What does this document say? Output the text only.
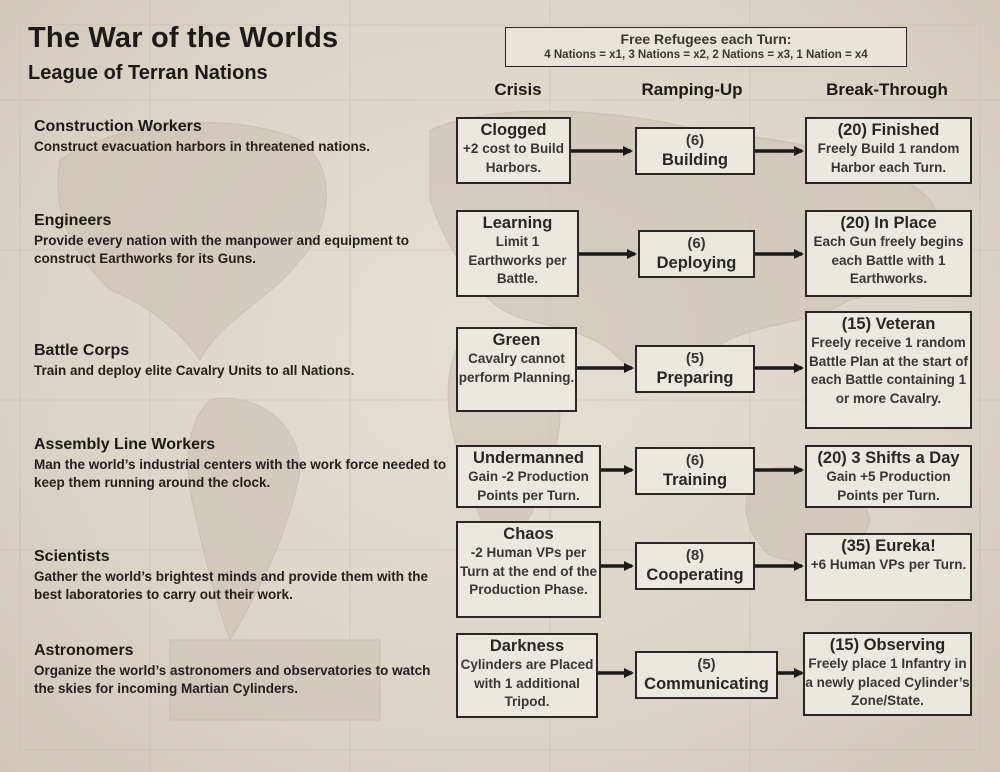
The War of the Worlds
League of Terran Nations
Free Refugees each Turn:
4 Nations = x1, 3 Nations = x2, 2 Nations = x3, 1 Nation = x4
Crisis	Ramping-Up	Break-Through
Construction Workers
Construct evacuation harbors in threatened nations.
Clogged
+2 cost to Build Harbors.
(6)
Building
(20) Finished
Freely Build 1 random Harbor each Turn.
Engineers
Provide every nation with the manpower and equipment to construct Earthworks for its Guns.
Learning
Limit 1 Earthworks per Battle.
(6)
Deploying
(20) In Place
Each Gun freely begins each Battle with 1 Earthworks.
Battle Corps
Train and deploy elite Cavalry Units to all Nations.
Green
Cavalry cannot perform Planning.
(5)
Preparing
(15) Veteran
Freely receive 1 random Battle Plan at the start of each Battle containing 1 or more Cavalry.
Assembly Line Workers
Man the world’s industrial centers with the work force needed to keep them running around the clock.
Undermanned
Gain -2 Production Points per Turn.
(6)
Training
(20) 3 Shifts a Day
Gain +5 Production Points per Turn.
Scientists
Gather the world’s brightest minds and provide them with the best laboratories to carry out their work.
Chaos
-2 Human VPs per Turn at the end of the Production Phase.
(8)
Cooperating
(35) Eureka!
+6 Human VPs per Turn.
Astronomers
Organize the world’s astronomers and observatories to watch the skies for incoming Martian Cylinders.
Darkness
Cylinders are Placed with 1 additional Tripod.
(5)
Communicating
(15) Observing
Freely place 1 Infantry in a newly placed Cylinder’s Zone/State.
